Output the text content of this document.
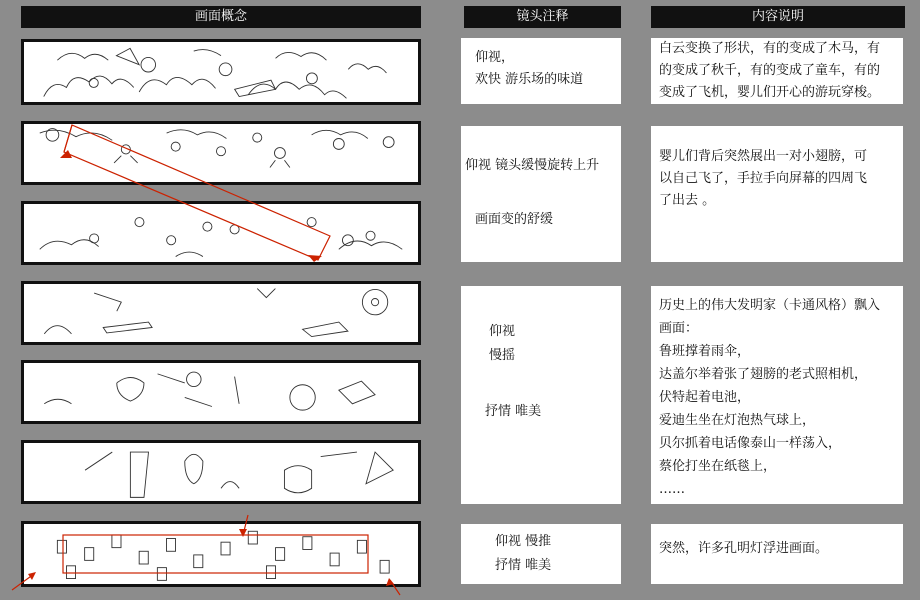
画面概念	镜头注释	内容说明
仰视，
欢快 游乐场的味道
仰视 镜头缓慢旋转上升
画面变的舒缓
仰视
慢摇
抒情 唯美
仰视 慢推
抒情 唯美
白云变换了形状，有的变成了木马，有
的变成了秋千，有的变成了童车，有的
变成了飞机，婴儿们开心的游玩穿梭。
婴儿们背后突然展出一对小翅膀，可
以自己飞了，手拉手向屏幕的四周飞
了出去 。
历史上的伟大发明家（卡通风格）飘入
画面：
鲁班撑着雨伞，
达盖尔举着张了翅膀的老式照相机，
伏特起着电池，
爱迪生坐在灯泡热气球上，
贝尔抓着电话像泰山一样荡入，
蔡伦打坐在纸毯上，
……
突然，许多孔明灯浮进画面。
